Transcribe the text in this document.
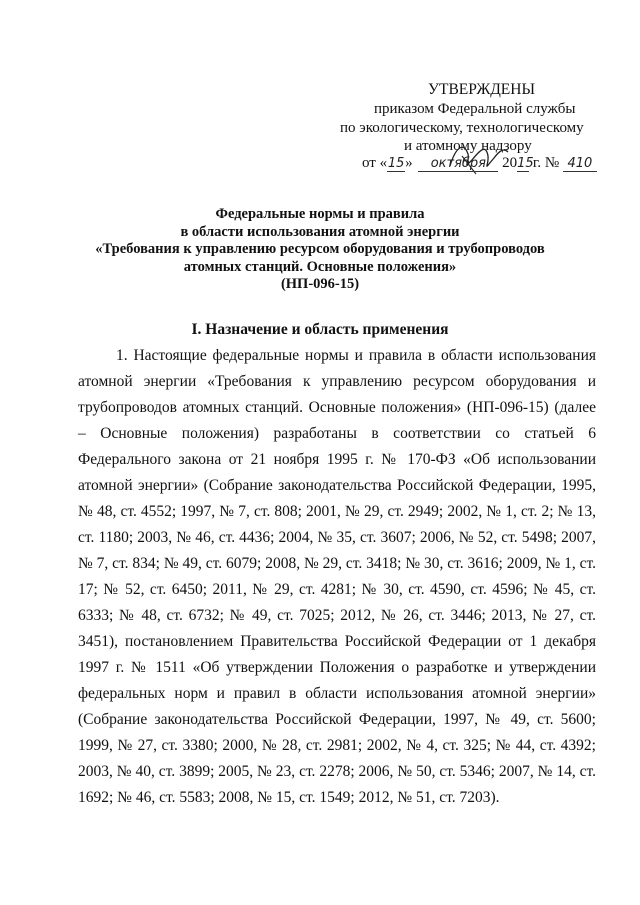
УТВЕРЖДЕНЫ
приказом Федеральной службы
по экологическому, технологическому
и атомному надзору
от «15» октября 2015 г. № 410
Федеральные нормы и правила
в области использования атомной энергии
«Требования к управлению ресурсом оборудования и трубопроводов
атомных станций. Основные положения»
(НП-096-15)
I. Назначение и область применения

1. Настоящие федеральные нормы и правила в области использования атомной энергии «Требования к управлению ресурсом оборудования и трубопроводов атомных станций. Основные положения» (НП-096-15) (далее – Основные положения) разработаны в соответствии со статьей 6 Федерального закона от 21 ноября 1995 г. № 170-ФЗ «Об использовании атомной энергии» (Собрание законодательства Российской Федерации, 1995, № 48, ст. 4552; 1997, № 7, ст. 808; 2001, № 29, ст. 2949; 2002, № 1, ст. 2; № 13, ст. 1180; 2003, № 46, ст. 4436; 2004, № 35, ст. 3607; 2006, № 52, ст. 5498; 2007, № 7, ст. 834; № 49, ст. 6079; 2008, № 29, ст. 3418; № 30, ст. 3616; 2009, № 1, ст. 17; № 52, ст. 6450; 2011, № 29, ст. 4281; № 30, ст. 4590, ст. 4596; № 45, ст. 6333; № 48, ст. 6732; № 49, ст. 7025; 2012, № 26, ст. 3446; 2013, № 27, ст. 3451), постановлением Правительства Российской Федерации от 1 декабря 1997 г. № 1511 «Об утверждении Положения о разработке и утверждении федеральных норм и правил в области использования атомной энергии» (Собрание законодательства Российской Федерации, 1997, № 49, ст. 5600; 1999, № 27, ст. 3380; 2000, № 28, ст. 2981; 2002, № 4, ст. 325; № 44, ст. 4392; 2003, № 40, ст. 3899; 2005, № 23, ст. 2278; 2006, № 50, ст. 5346; 2007, № 14, ст. 1692; № 46, ст. 5583; 2008, № 15, ст. 1549; 2012, № 51, ст. 7203).
